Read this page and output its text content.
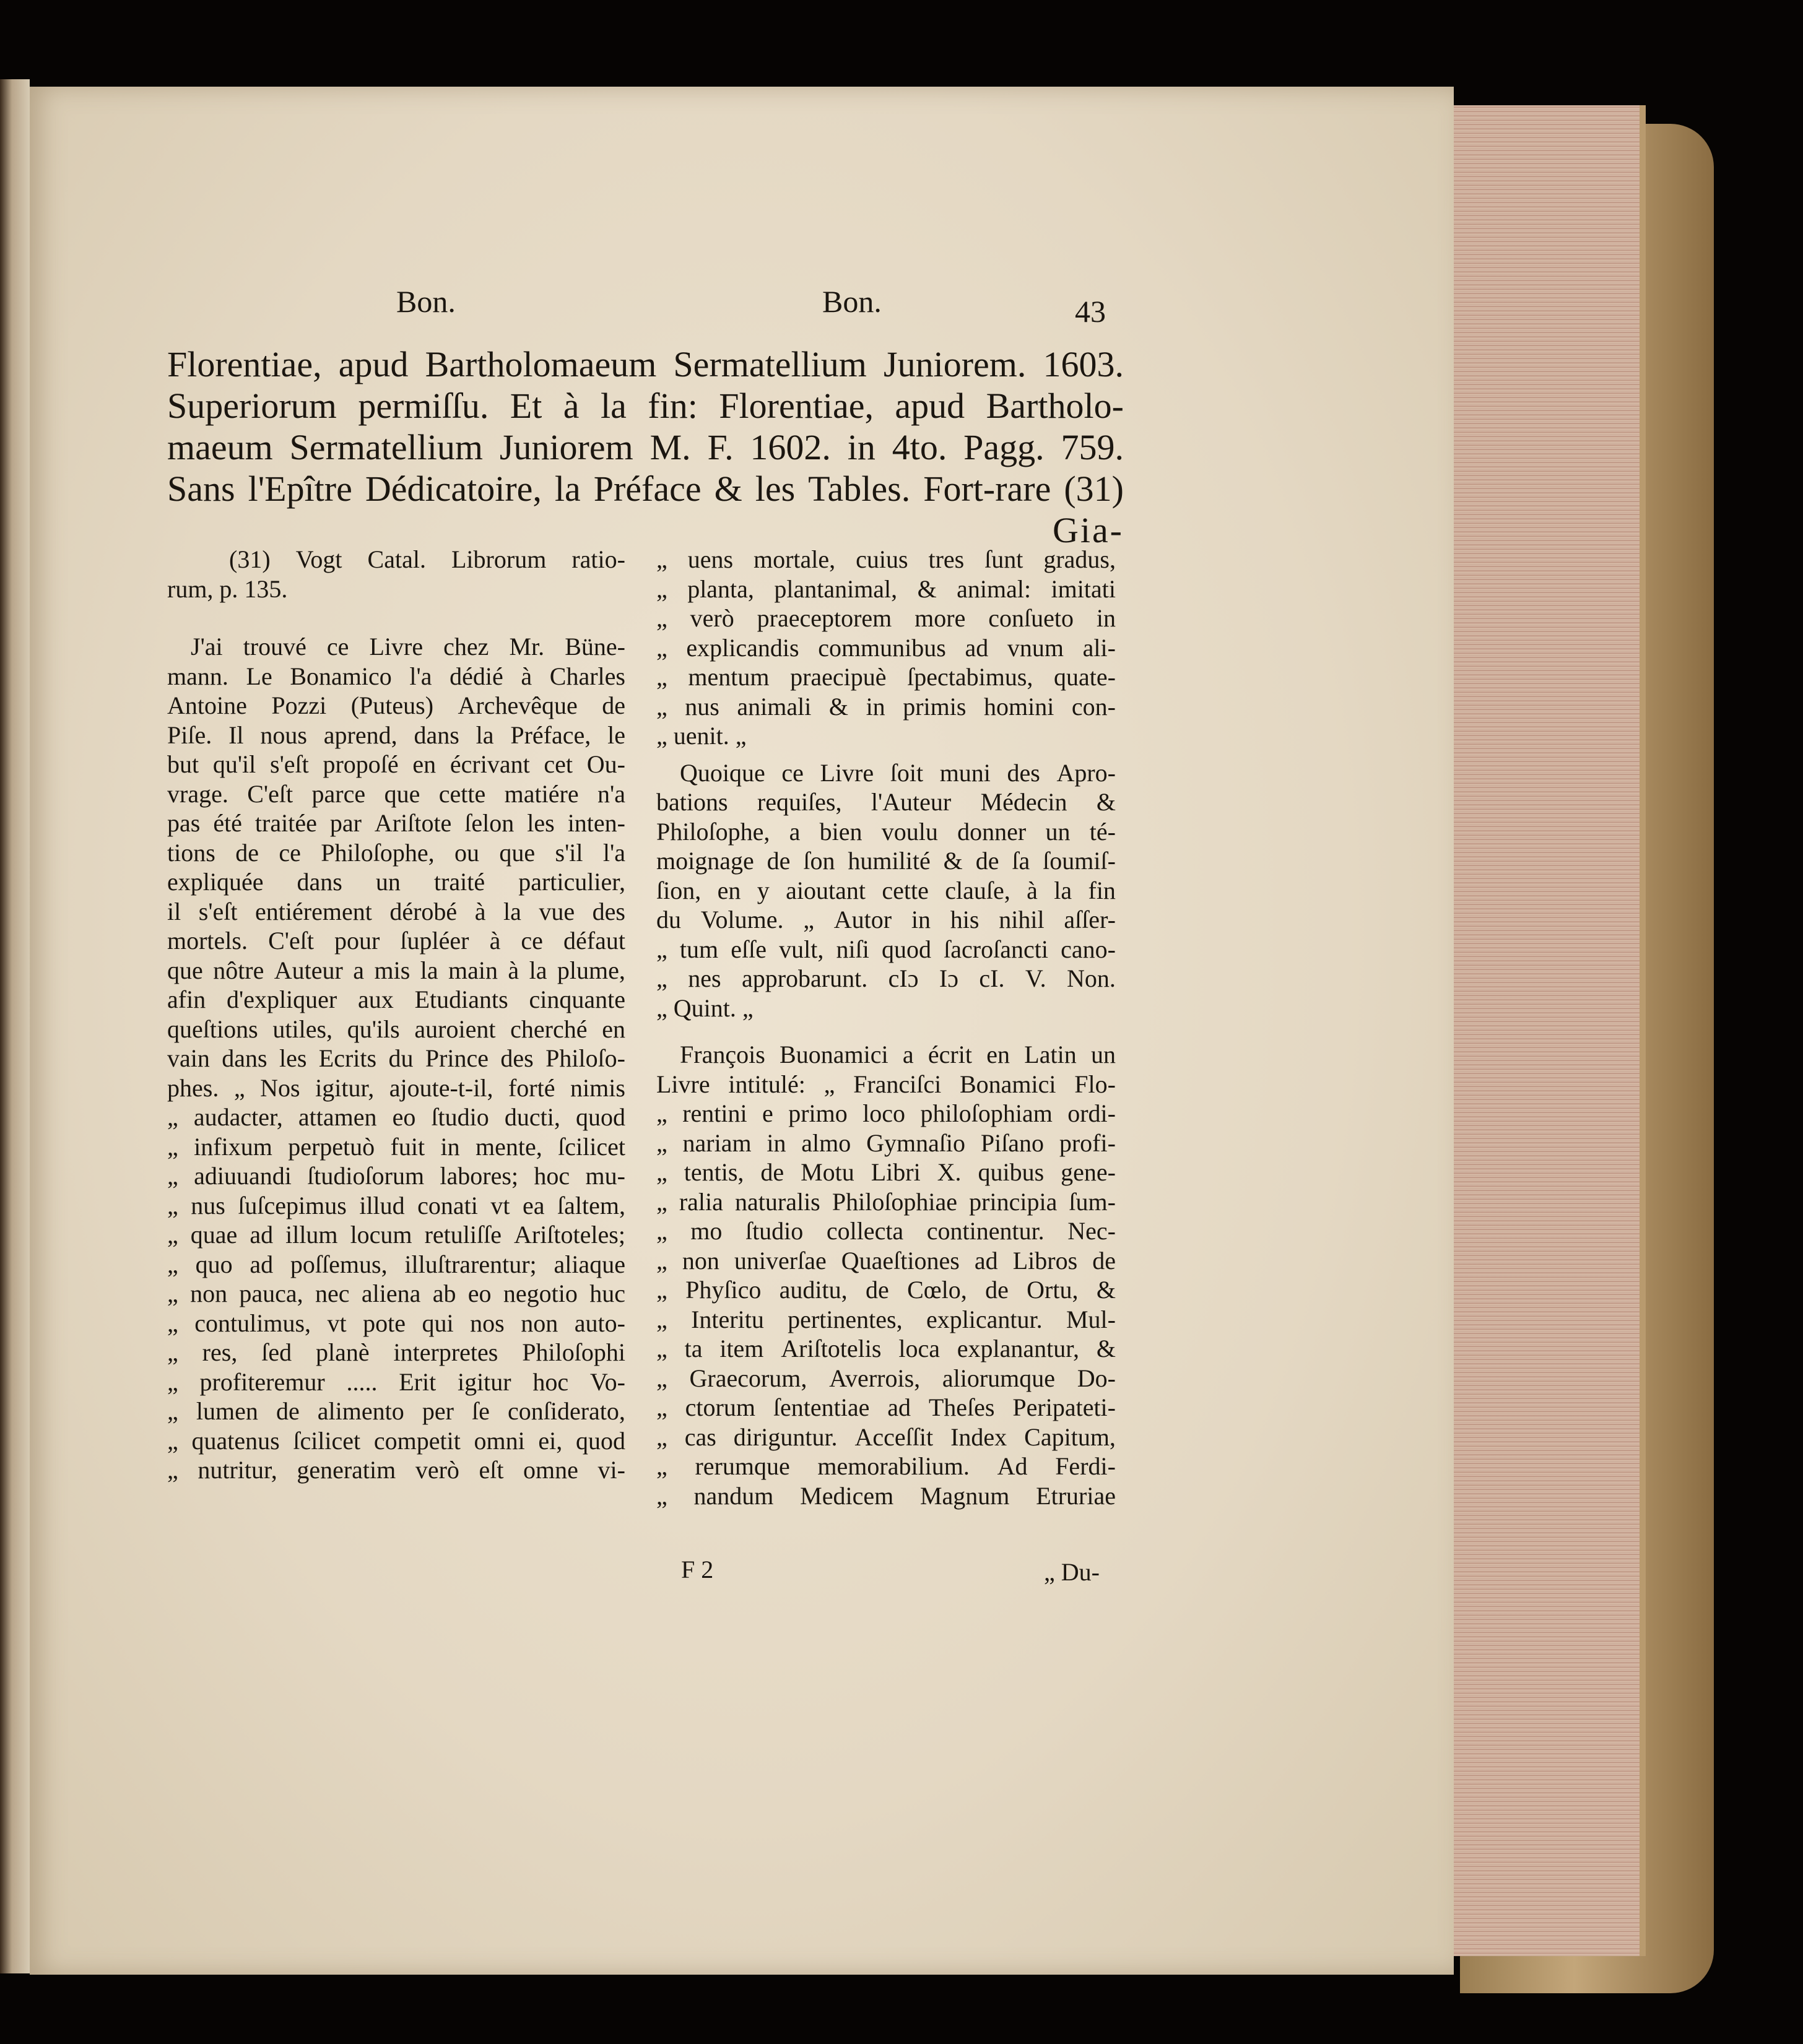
Bon.	Bon.	43
Florentiae, apud Bartholomaeum Sermatellium Juniorem. 1603.
Superiorum permiſſu. Et à la fin: Florentiae, apud Bartholo-
maeum Sermatellium Juniorem M. F. 1602. in 4to. Pagg. 759.
Sans l'Epître Dédicatoire, la Préface & les Tables. Fort-rare (31)
Gia-
(31) Vogt Catal. Librorum ratio-
rum, p. 135.
J'ai trouvé ce Livre chez Mr. Büne-
mann. Le Bonamico l'a dédié à Charles
Antoine Pozzi (Puteus) Archevêque de
Piſe. Il nous aprend, dans la Préface, le
but qu'il s'eſt propoſé en écrivant cet Ou-
vrage. C'eſt parce que cette matiére n'a
pas été traitée par Ariſtote ſelon les inten-
tions de ce Philoſophe, ou que s'il l'a
expliquée dans un traité particulier,
il s'eſt entiérement dérobé à la vue des
mortels. C'eſt pour ſupléer à ce défaut
que nôtre Auteur a mis la main à la plume,
afin d'expliquer aux Etudiants cinquante
queſtions utiles, qu'ils auroient cherché en
vain dans les Ecrits du Prince des Philoſo-
phes. „ Nos igitur, ajoute-t-il, forté nimis
„ audacter, attamen eo ſtudio ducti, quod
„ infixum perpetuò fuit in mente, ſcilicet
„ adiuuandi ſtudioſorum labores; hoc mu-
„ nus ſuſcepimus illud conati vt ea ſaltem,
„ quae ad illum locum retuliſſe Ariſtoteles;
„ quo ad poſſemus, illuſtrarentur; aliaque
„ non pauca, nec aliena ab eo negotio huc
„ contulimus, vt pote qui nos non auto-
„ res, ſed planè interpretes Philoſophi
„ profiteremur ..... Erit igitur hoc Vo-
„ lumen de alimento per ſe conſiderato,
„ quatenus ſcilicet competit omni ei, quod
„ nutritur, generatim verò eſt omne vi-
„ uens mortale, cuius tres ſunt gradus,
„ planta, plantanimal, & animal: imitati
„ verò praeceptorem more conſueto in
„ explicandis communibus ad vnum ali-
„ mentum praecipuè ſpectabimus, quate-
„ nus animali & in primis homini con-
„ uenit. „
Quoique ce Livre ſoit muni des Apro-
bations requiſes, l'Auteur Médecin &
Philoſophe, a bien voulu donner un té-
moignage de ſon humilité & de ſa ſoumiſ-
ſion, en y aioutant cette clauſe, à la fin
du Volume. „ Autor in his nihil aſſer-
„ tum eſſe vult, niſi quod ſacroſancti cano-
„ nes approbarunt. cIɔ Iɔ cI. V. Non.
„ Quint. „
François Buonamici a écrit en Latin un
Livre intitulé: „ Franciſci Bonamici Flo-
„ rentini e primo loco philoſophiam ordi-
„ nariam in almo Gymnaſio Piſano profi-
„ tentis, de Motu Libri X. quibus gene-
„ ralia naturalis Philoſophiae principia ſum-
„ mo ſtudio collecta continentur. Nec-
„ non univerſae Quaeſtiones ad Libros de
„ Phyſico auditu, de Cœlo, de Ortu, &
„ Interitu pertinentes, explicantur. Mul-
„ ta item Ariſtotelis loca explanantur, &
„ Graecorum, Averrois, aliorumque Do-
„ ctorum ſententiae ad Theſes Peripateti-
„ cas diriguntur. Acceſſit Index Capitum,
„ rerumque memorabilium. Ad Ferdi-
„ nandum Medicem Magnum Etruriae
F 2	„ Du-
